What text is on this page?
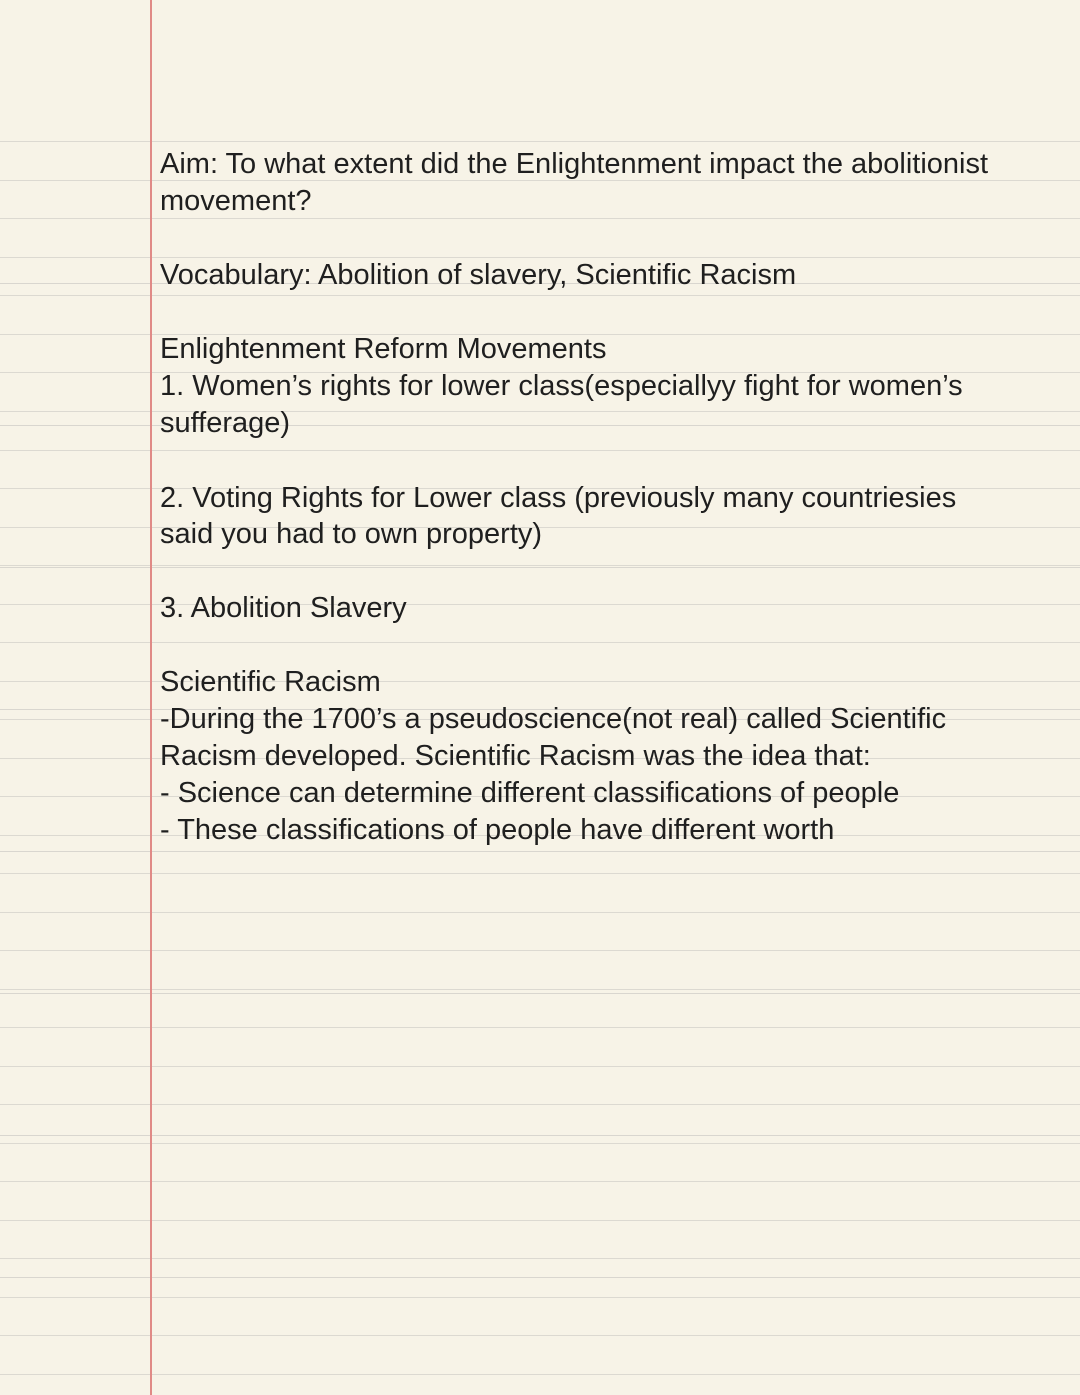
Aim: To what extent did the Enlightenment impact the abolitionist
movement?
Vocabulary: Abolition of slavery, Scientific Racism
Enlightenment Reform Movements
1. Women’s rights for lower class(especiallyy fight for women’s
sufferage)
2. Voting Rights for Lower class (previously many countriesies
said you had to own property)
3. Abolition Slavery
Scientific Racism
-During the 1700’s a pseudoscience(not real) called Scientific
Racism developed. Scientific Racism was the idea that:
- Science can determine different classifications of people
- These classifications of people have different worth
